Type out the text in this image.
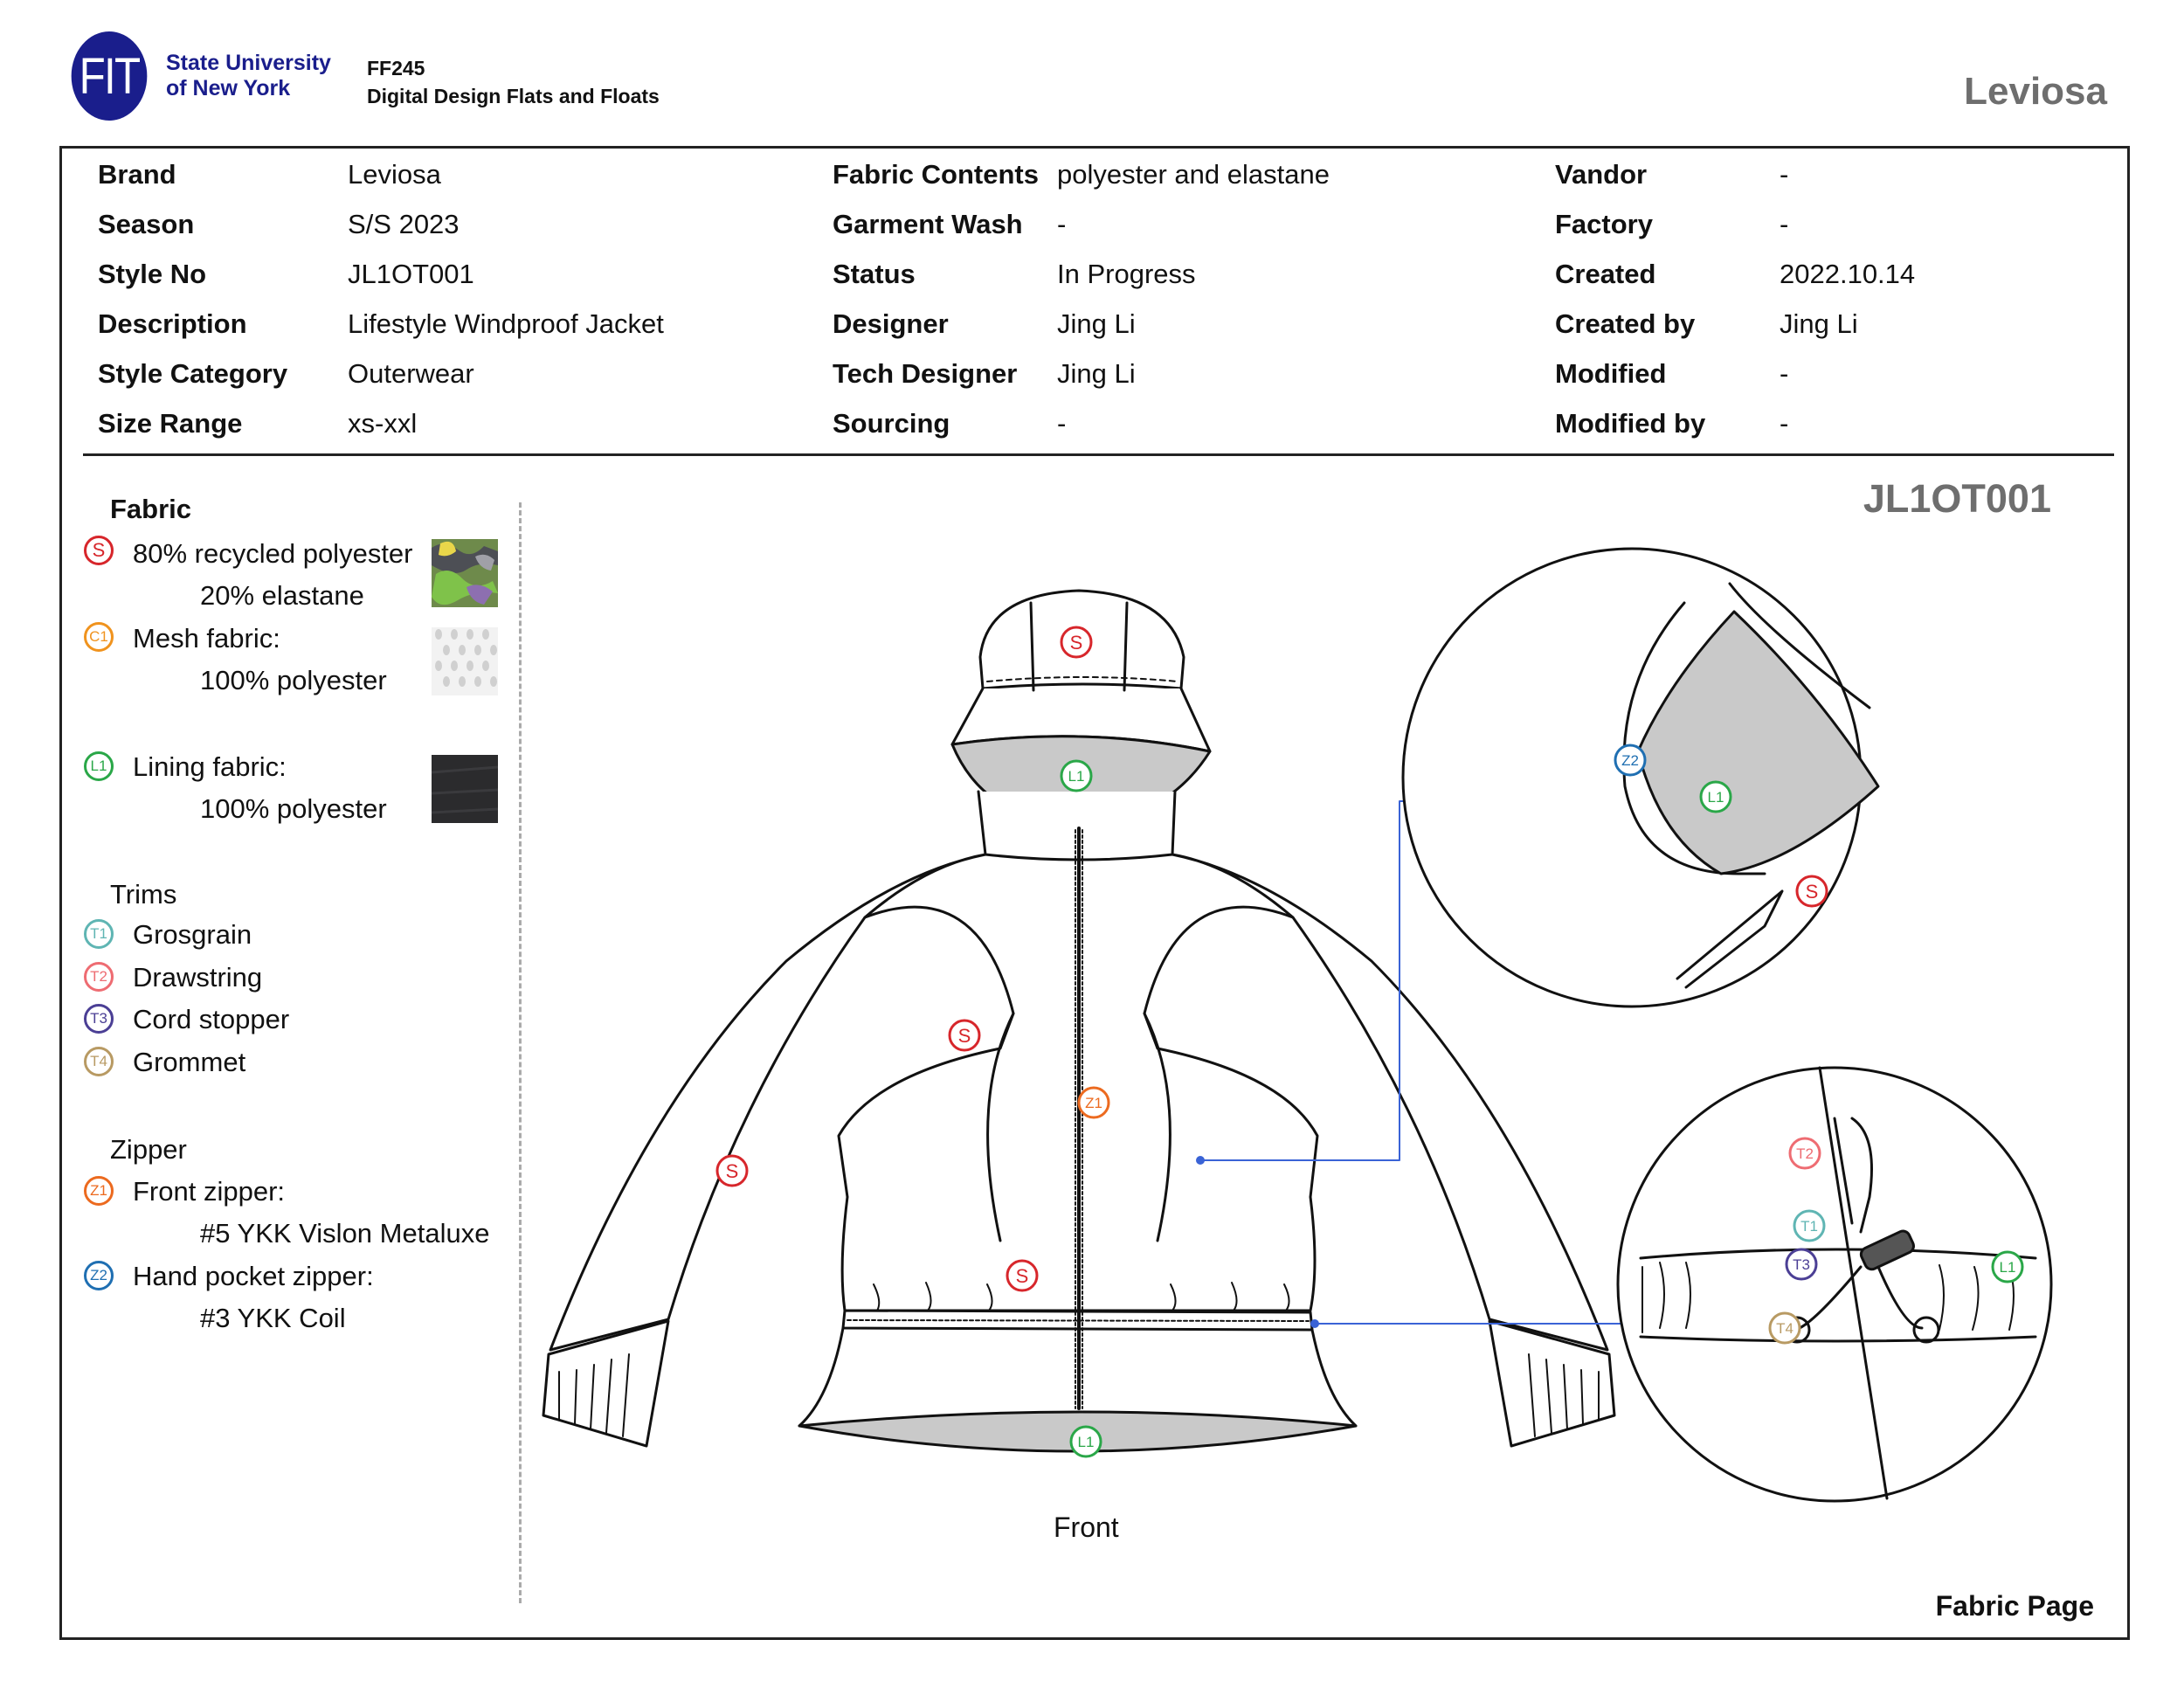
FIT State University
of New York
FF245
Digital Design Flats and Floats	Leviosa
Brand	Leviosa
Season	S/S 2023
Style No	JL1OT001
Description	Lifestyle Windproof Jacket
Style Category Outerwear
Size Range	xs-xxl
Fabric Contents polyester and elastane
Garment Wash -
Status	In Progress
Designer	Jing Li
Tech Designer Jing Li
Sourcing	-
Vandor	-
Factory	-
Created	2022.10.14
Created by	Jing Li
Modified	-
Modified by	-
Fabric
S	80% recycled polyester
20% elastane
C1 Mesh fabric:
100% polyester
L1 Lining fabric:
100% polyester
Trims
T1 Grosgrain
T2 Drawstring
T3 Cord stopper
T4 Grommet
Zipper
Z1 Front zipper:
#5 YKK Vislon Metaluxe
Z2 Hand pocket zipper:
#3 YKK Coil
JL1OT001
S
L1
S
Z1
S
S
L1
Z2
L1
S
T2
T1
T3	L1
T4
Front
Fabric Page
